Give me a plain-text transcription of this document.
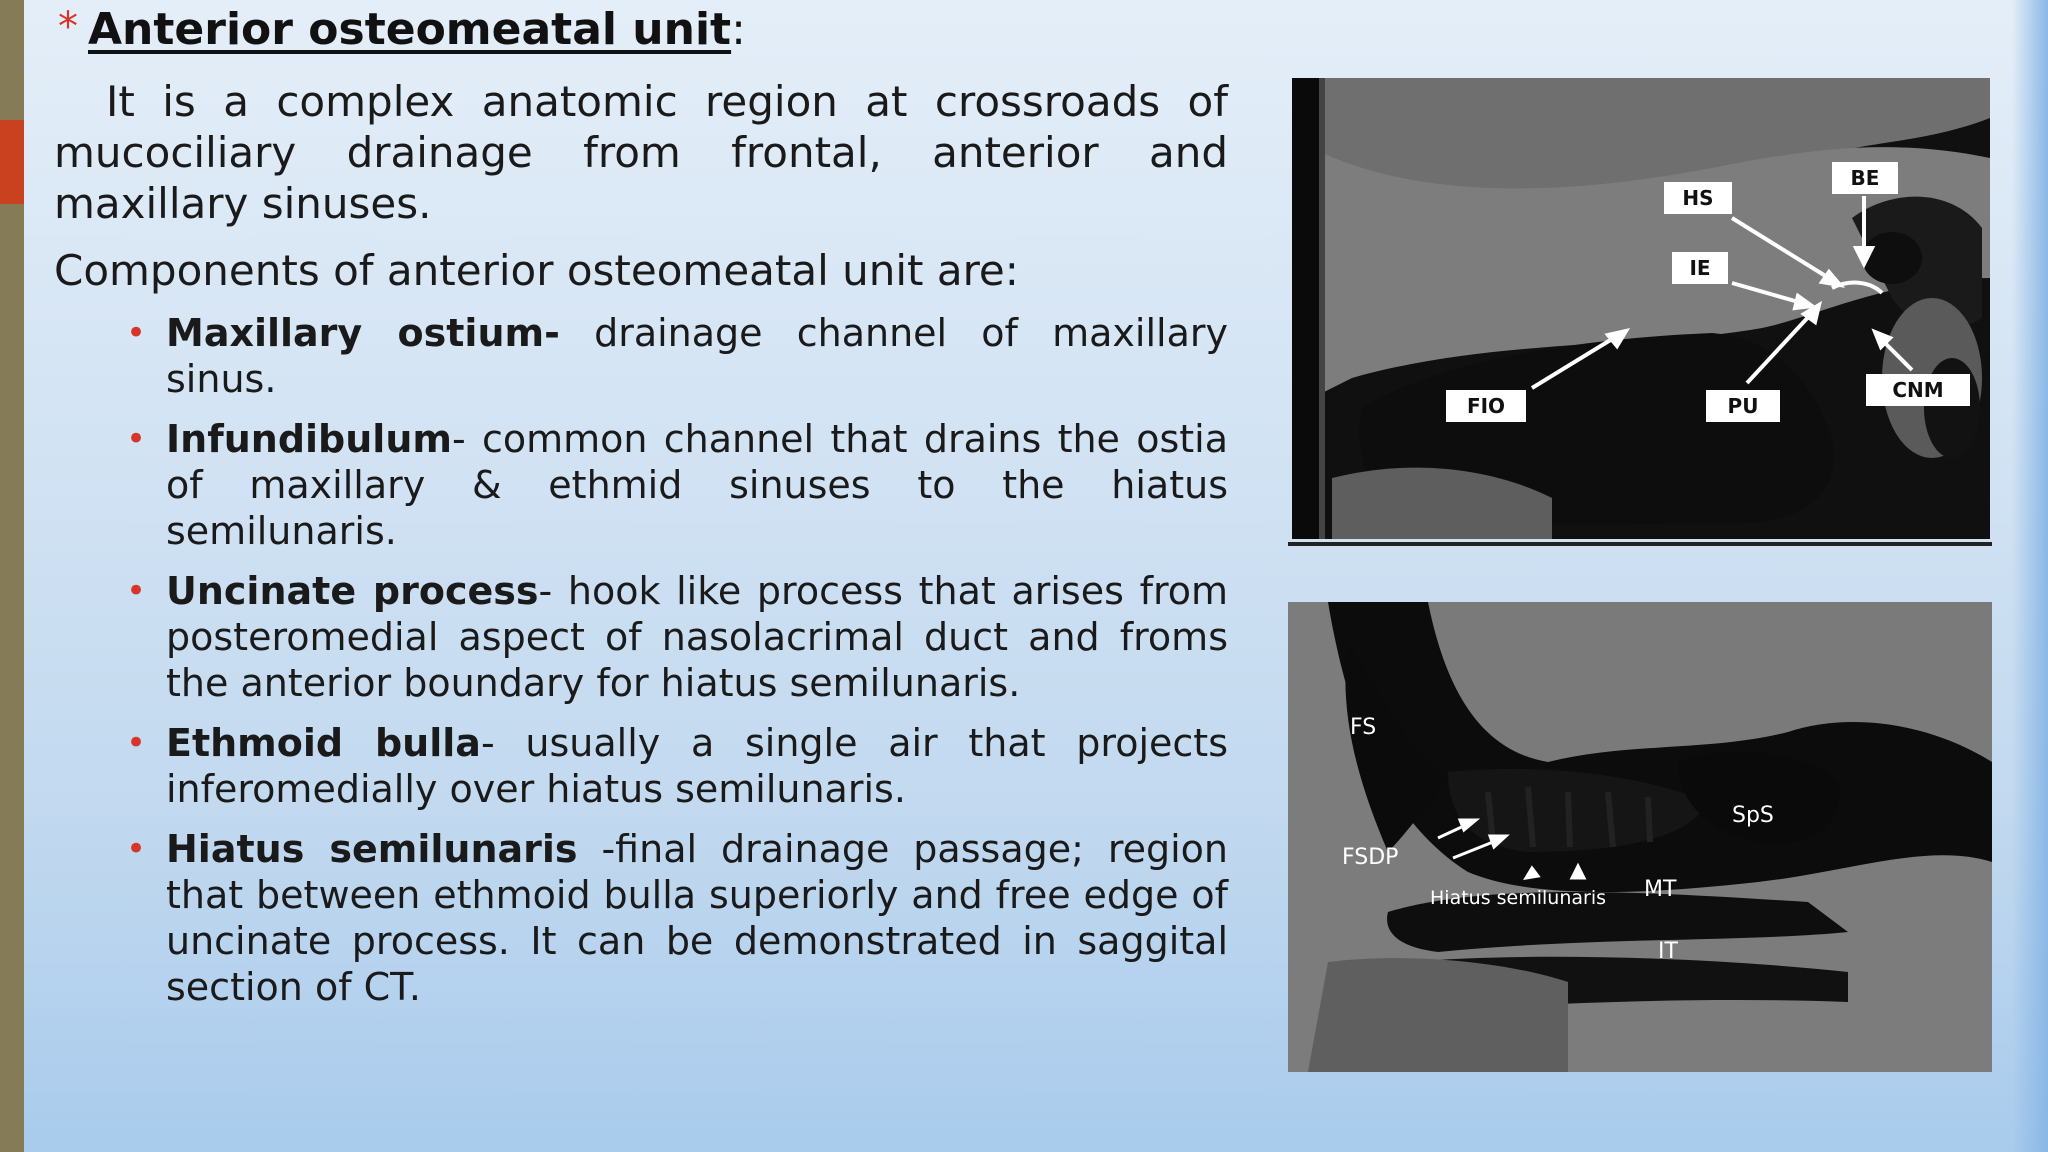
* Anterior osteomeatal unit:

It is a complex anatomic region at crossroads of mucociliary drainage from frontal, anterior and maxillary sinuses.

Components of anterior osteomeatal unit are:

• Maxillary ostium- drainage channel of maxillary sinus.
• Infundibulum- common channel that drains the ostia of maxillary & ethmid sinuses to the hiatus semilunaris.
• Uncinate process- hook like process that arises from posteromedial aspect of nasolacrimal duct and froms the anterior boundary for hiatus semilunaris.
• Ethmoid bulla- usually a single air that projects inferomedially over hiatus semilunaris.
• Hiatus semilunaris -final drainage passage; region that between ethmoid bulla superiorly and free edge of uncinate process. It can be demonstrated in saggital section of CT.
HS
BE
IE
FIO	PU
CNM
FS
SpS
FSDP
Hiatus semilunaris MT
IT
